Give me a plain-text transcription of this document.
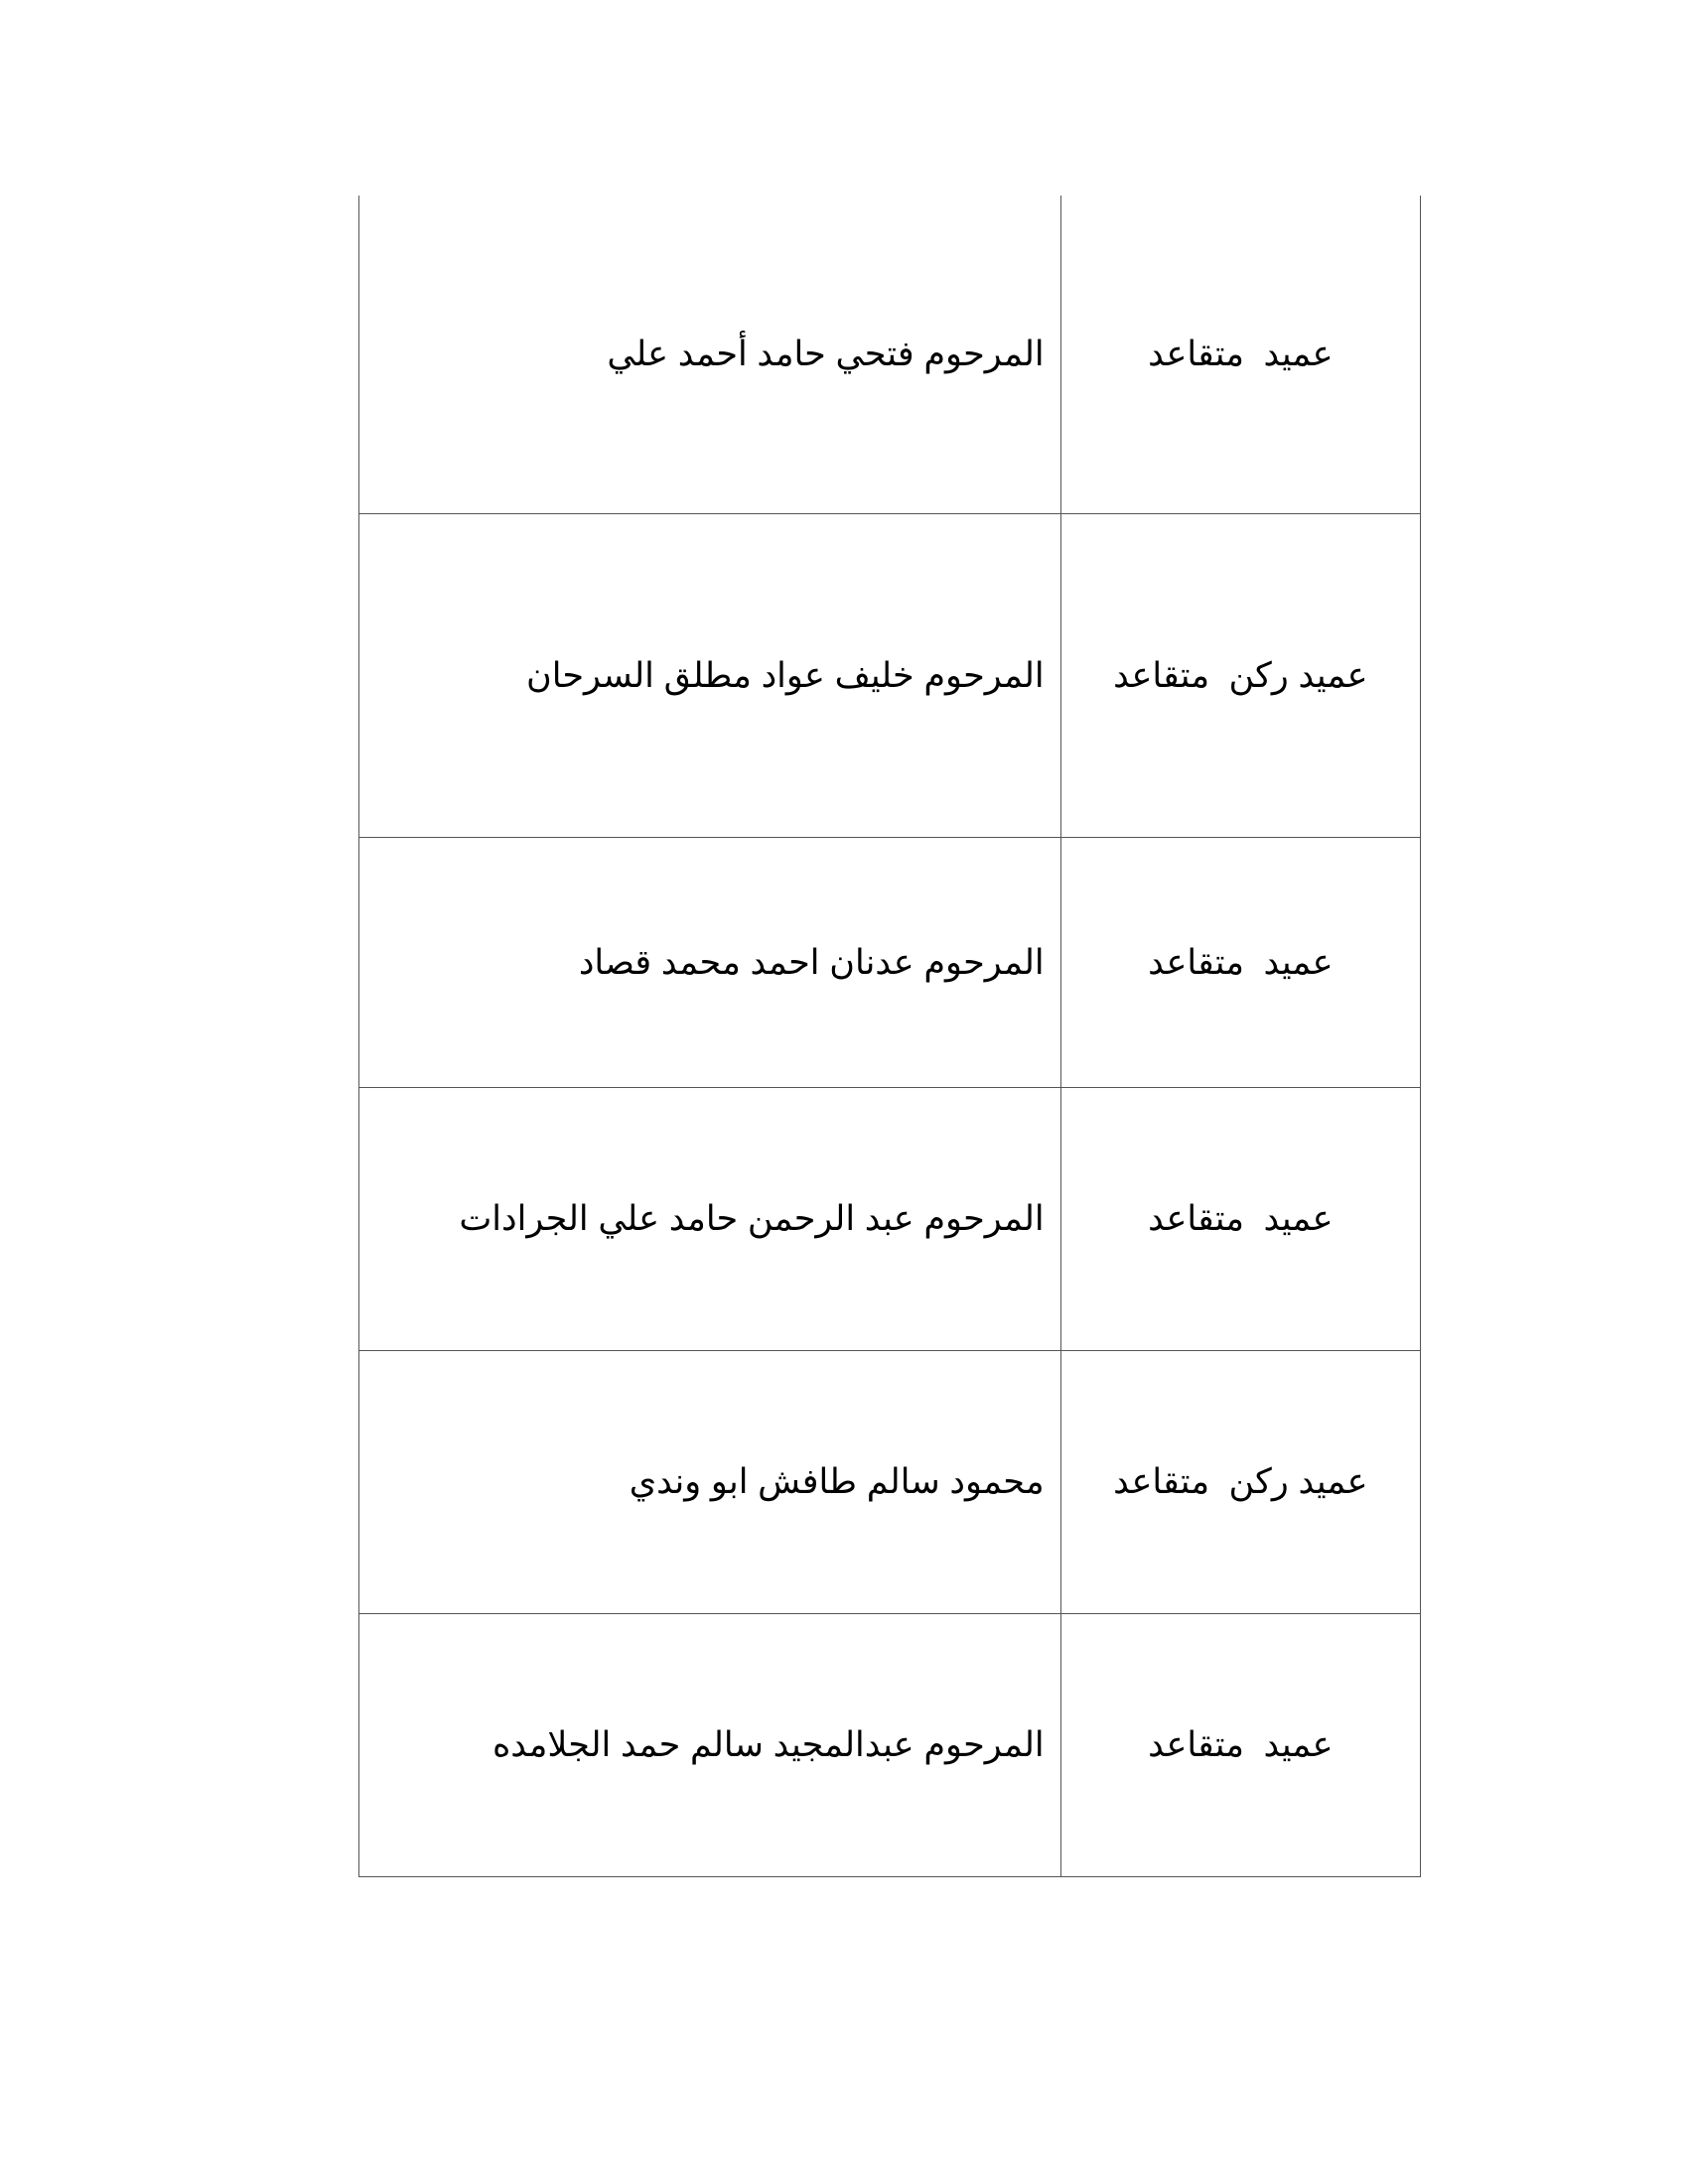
المرحوم فتحي حامد أحمد علي	عميد  متقاعد
المرحوم خليف عواد مطلق السرحان	عميد ركن  متقاعد
المرحوم عدنان احمد محمد قصاد	عميد  متقاعد
المرحوم عبد الرحمن حامد علي الجرادات	عميد  متقاعد
محمود سالم طافش ابو وندي	عميد ركن  متقاعد
المرحوم عبدالمجيد سالم حمد الجلامده	عميد  متقاعد
